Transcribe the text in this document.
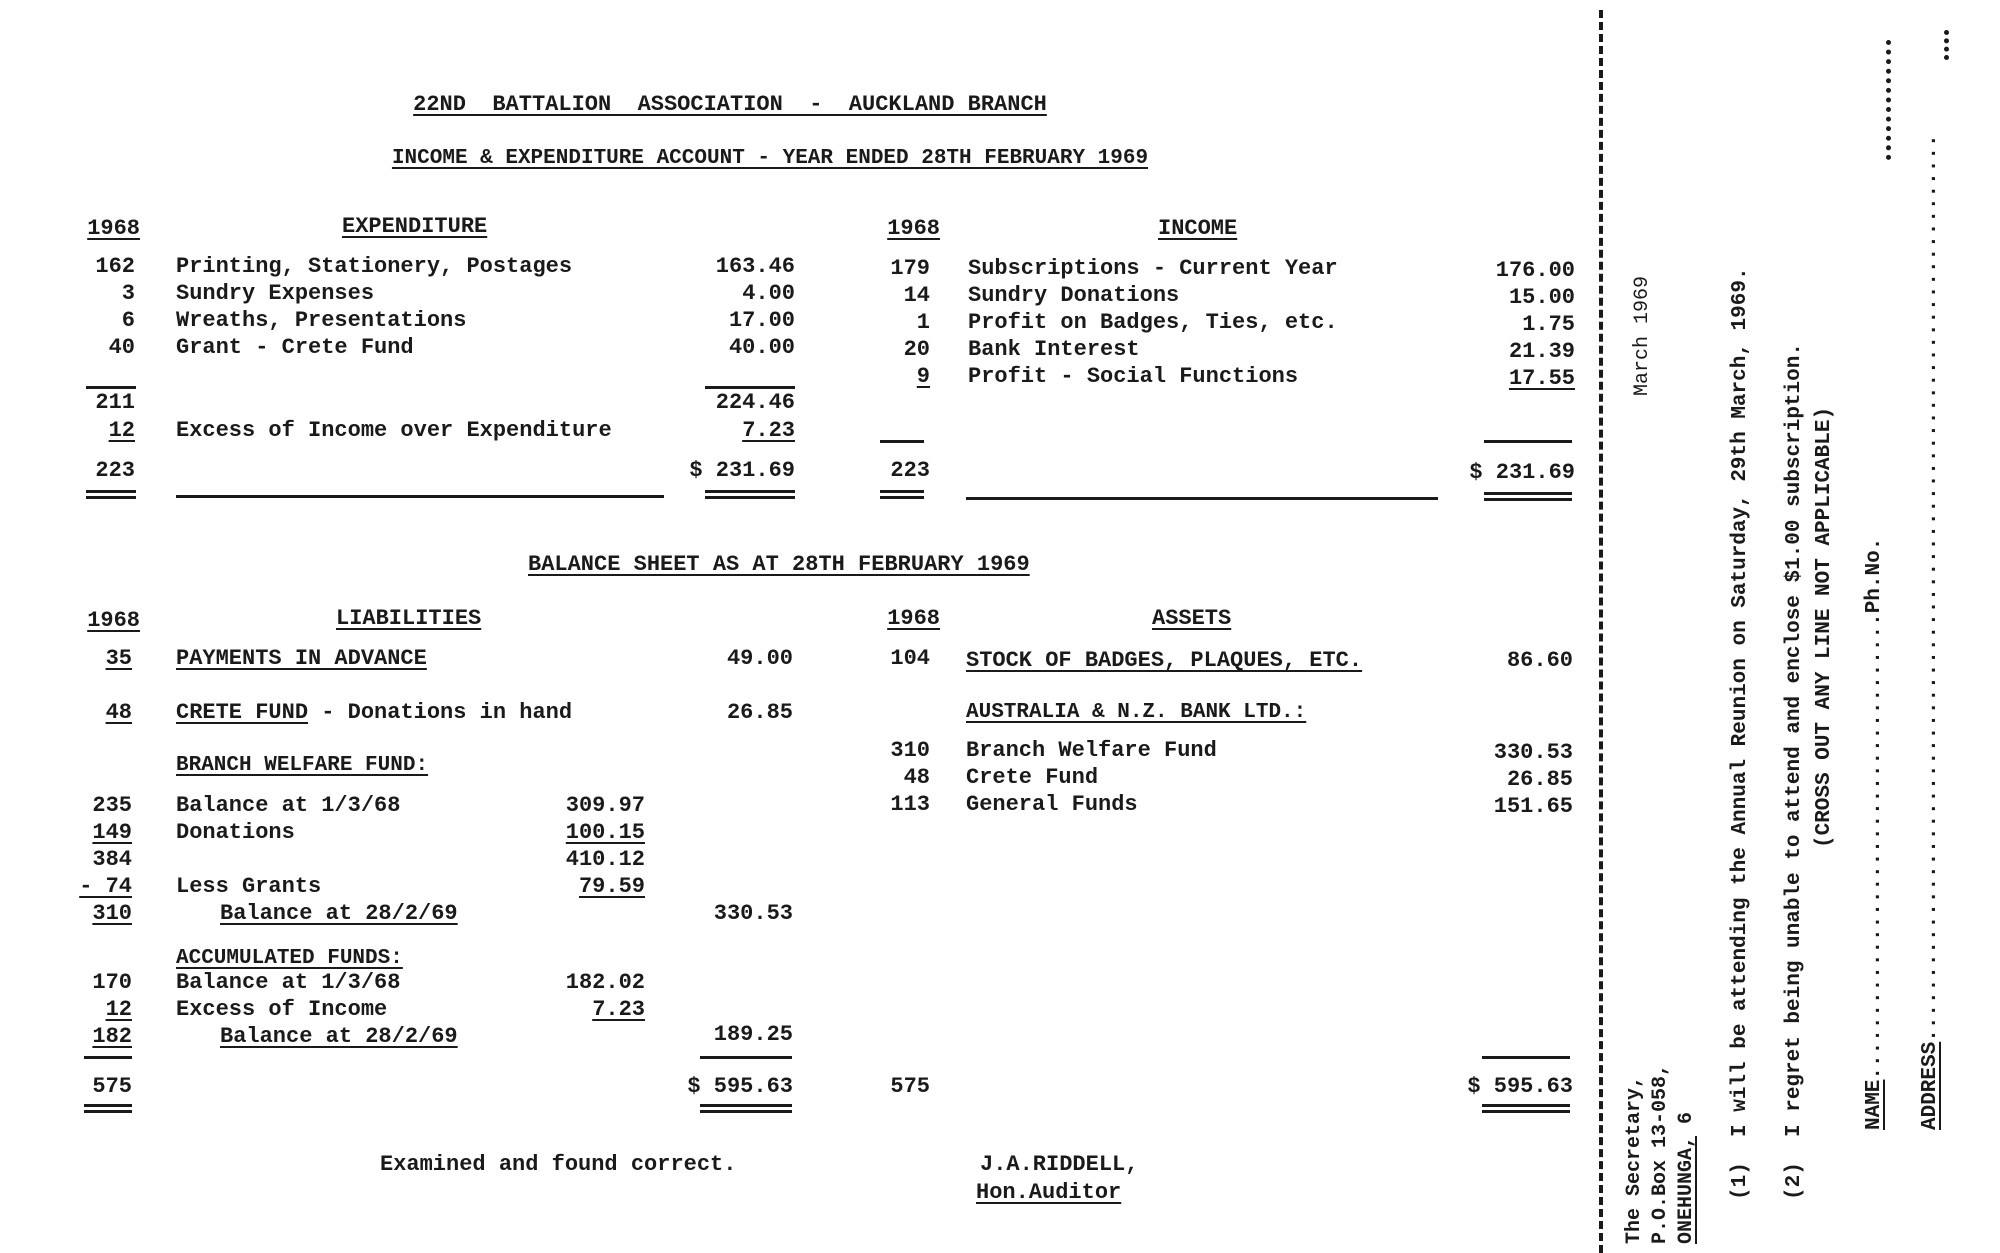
22ND  BATTALION  ASSOCIATION  -  AUCKLAND BRANCH
INCOME & EXPENDITURE ACCOUNT - YEAR ENDED 28TH FEBRUARY 1969
1968	EXPENDITURE
162 Printing, Stationery, Postages	163.46
3 Sundry Expenses	4.00
6 Wreaths, Presentations	17.00
40 Grant - Crete Fund	40.00
211	224.46
12 Excess of Income over Expenditure	7.23
223	$ 231.69
1968	INCOME
179 Subscriptions - Current Year	176.00
14 Sundry Donations	15.00
1 Profit on Badges, Ties, etc.	1.75
20 Bank Interest	21.39
9 Profit - Social Functions	17.55
223	$ 231.69
BALANCE SHEET AS AT 28TH FEBRUARY 1969
1968	LIABILITIES
35 PAYMENTS IN ADVANCE	49.00
48 CRETE FUND - Donations in hand	26.85
BRANCH WELFARE FUND:
235 Balance at 1/3/68	309.97
149 Donations	100.15
384	410.12
- 74 Less Grants	79.59
310	Balance at 28/2/69	330.53
ACCUMULATED FUNDS:
170 Balance at 1/3/68	182.02
12 Excess of Income	7.23
182	Balance at 28/2/69	189.25
575	$ 595.63
1968	ASSETS
104 STOCK OF BADGES, PLAQUES, ETC.	86.60
AUSTRALIA & N.Z. BANK LTD.:
310 Branch Welfare Fund	330.53
48 Crete Fund	26.85
113 General Funds	151.65
575	$ 595.63
Examined and found correct.	J.A.RIDDELL,
Hon.Auditor
March 1969
The Secretary, P.O.Box 13-058, ONEHUNGA, 6 (1)  I will be attending the Annual Reunion on Saturday, 29th March, 1969. (2)  I regret being unable to attend and enclose $1.00 subscription. (CROSS OUT ANY LINE NOT APPLICABLE)
NAME.....................................Ph.No.
ADDRESS........................................................................
